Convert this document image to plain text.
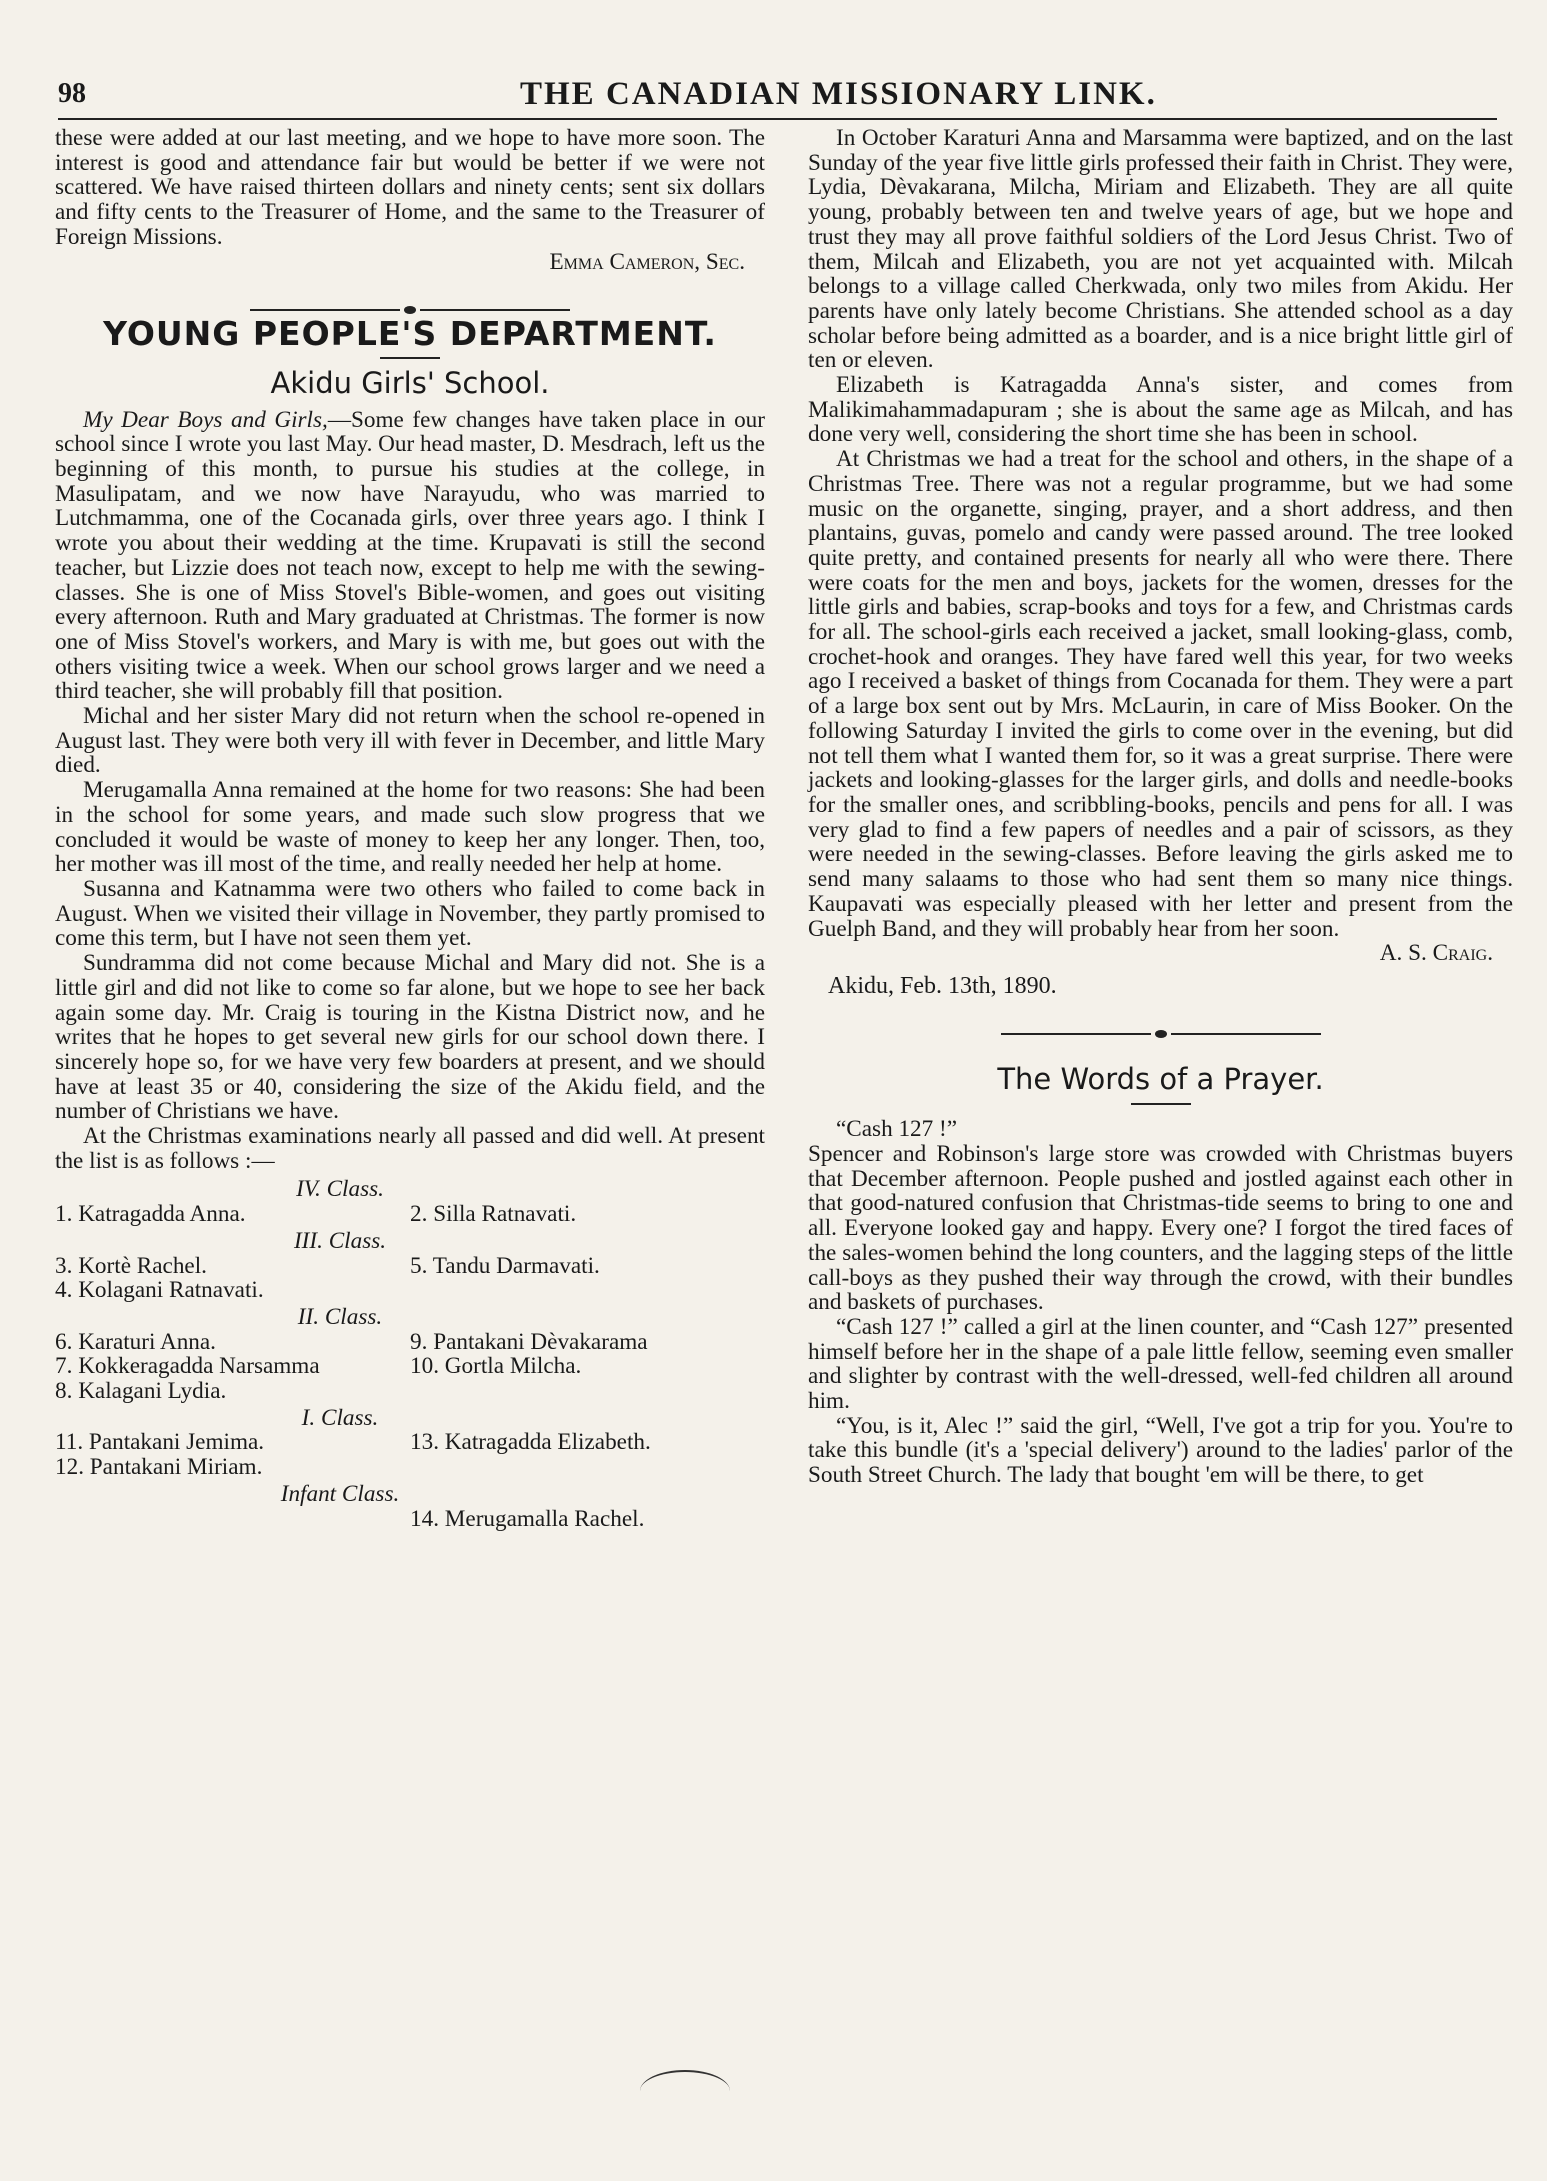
98	THE CANADIAN MISSIONARY LINK.

these were added at our last meeting, and we hope to have more soon. The interest is good and attendance fair but would be better if we were not scattered. We have raised thirteen dollars and ninety cents; sent six dollars and fifty cents to the Treasurer of Home, and the same to the Treasurer of Foreign Missions.

Emma Cameron, Sec.

YOUNG PEOPLE'S DEPARTMENT.
Akidu Girls' School.

My Dear Boys and Girls,—Some few changes have taken place in our school since I wrote you last May. Our head master, D. Mesdrach, left us the beginning of this month, to pursue his studies at the college, in Masulipatam, and we now have Narayudu, who was married to Lutchmamma, one of the Cocanada girls, over three years ago. I think I wrote you about their wedding at the time. Krupavati is still the second teacher, but Lizzie does not teach now, except to help me with the sewing-classes. She is one of Miss Stovel's Bible-women, and goes out visiting every afternoon. Ruth and Mary graduated at Christmas. The former is now one of Miss Stovel's workers, and Mary is with me, but goes out with the others visiting twice a week. When our school grows larger and we need a third teacher, she will probably fill that position.

Michal and her sister Mary did not return when the school re-opened in August last. They were both very ill with fever in December, and little Mary died.

Merugamalla Anna remained at the home for two reasons: She had been in the school for some years, and made such slow progress that we concluded it would be waste of money to keep her any longer. Then, too, her mother was ill most of the time, and really needed her help at home.

Susanna and Katnamma were two others who failed to come back in August. When we visited their village in November, they partly promised to come this term, but I have not seen them yet.

Sundramma did not come because Michal and Mary did not. She is a little girl and did not like to come so far alone, but we hope to see her back again some day. Mr. Craig is touring in the Kistna District now, and he writes that he hopes to get several new girls for our school down there. I sincerely hope so, for we have very few boarders at present, and we should have at least 35 or 40, considering the size of the Akidu field, and the number of Christians we have.

At the Christmas examinations nearly all passed and did well. At present the list is as follows :—

IV. Class.
1. Katragadda Anna.	2. Silla Ratnavati.
III. Class.
3. Kortè Rachel.	5. Tandu Darmavati.
4. Kolagani Ratnavati.
II. Class.
6. Karaturi Anna.	9. Pantakani Dèvakarama
7. Kokkeragadda Narsamma	10. Gortla Milcha.
8. Kalagani Lydia.
I. Class.
11. Pantakani Jemima.	13. Katragadda Elizabeth.
12. Pantakani Miriam.
Infant Class.
14. Merugamalla Rachel.

In October Karaturi Anna and Marsamma were baptized, and on the last Sunday of the year five little girls professed their faith in Christ. They were, Lydia, Dèvakarana, Milcha, Miriam and Elizabeth. They are all quite young, probably between ten and twelve years of age, but we hope and trust they may all prove faithful soldiers of the Lord Jesus Christ. Two of them, Milcah and Elizabeth, you are not yet acquainted with. Milcah belongs to a village called Cherkwada, only two miles from Akidu. Her parents have only lately become Christians. She attended school as a day scholar before being admitted as a boarder, and is a nice bright little girl of ten or eleven.

Elizabeth is Katragadda Anna's sister, and comes from Malikimahammadapuram ; she is about the same age as Milcah, and has done very well, considering the short time she has been in school.

At Christmas we had a treat for the school and others, in the shape of a Christmas Tree. There was not a regular programme, but we had some music on the organette, singing, prayer, and a short address, and then plantains, guvas, pomelo and candy were passed around. The tree looked quite pretty, and contained presents for nearly all who were there. There were coats for the men and boys, jackets for the women, dresses for the little girls and babies, scrap-books and toys for a few, and Christmas cards for all. The school-girls each received a jacket, small looking-glass, comb, crochet-hook and oranges. They have fared well this year, for two weeks ago I received a basket of things from Cocanada for them. They were a part of a large box sent out by Mrs. McLaurin, in care of Miss Booker. On the following Saturday I invited the girls to come over in the evening, but did not tell them what I wanted them for, so it was a great surprise. There were jackets and looking-glasses for the larger girls, and dolls and needle-books for the smaller ones, and scribbling-books, pencils and pens for all. I was very glad to find a few papers of needles and a pair of scissors, as they were needed in the sewing-classes. Before leaving the girls asked me to send many salaams to those who had sent them so many nice things. Kaupavati was especially pleased with her letter and present from the Guelph Band, and they will probably hear from her soon.

A. S. Craig.

Akidu, Feb. 13th, 1890.
The Words of a Prayer.

“Cash 127 !”

Spencer and Robinson's large store was crowded with Christmas buyers that December afternoon. People pushed and jostled against each other in that good-natured confusion that Christmas-tide seems to bring to one and all. Everyone looked gay and happy. Every one? I forgot the tired faces of the sales-women behind the long counters, and the lagging steps of the little call-boys as they pushed their way through the crowd, with their bundles and baskets of purchases.

“Cash 127 !” called a girl at the linen counter, and “Cash 127” presented himself before her in the shape of a pale little fellow, seeming even smaller and slighter by contrast with the well-dressed, well-fed children all around him.

“You, is it, Alec !” said the girl, “Well, I've got a trip for you. You're to take this bundle (it's a 'special delivery') around to the ladies' parlor of the South Street Church. The lady that bought 'em will be there, to get
